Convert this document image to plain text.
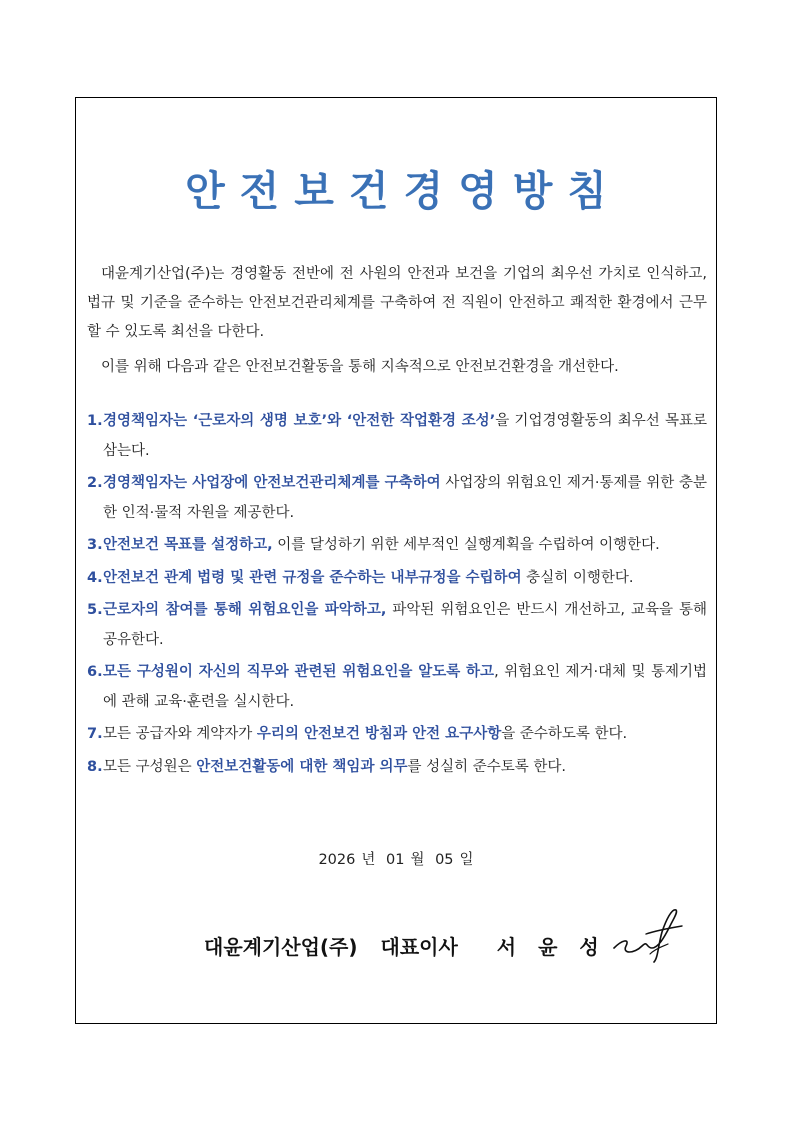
안전보건경영방침

대윤계기산업(주)는 경영활동 전반에 전 사원의 안전과 보건을 기업의 최우선 가치로 인식하고, 법규 및 기준을 준수하는 안전보건관리체계를 구축하여 전 직원이 안전하고 쾌적한 환경에서 근무할 수 있도록 최선을 다한다.

이를 위해 다음과 같은 안전보건활동을 통해 지속적으로 안전보건환경을 개선한다.

1. 경영책임자는 ‘근로자의 생명 보호’와 ‘안전한 작업환경 조성’을 기업경영활동의 최우선 목표로 삼는다.
2. 경영책임자는 사업장에 안전보건관리체계를 구축하여 사업장의 위험요인 제거·통제를 위한 충분한 인적·물적 자원을 제공한다.
3. 안전보건 목표를 설정하고, 이를 달성하기 위한 세부적인 실행계획을 수립하여 이행한다.
4. 안전보건 관계 법령 및 관련 규정을 준수하는 내부규정을 수립하여 충실히 이행한다.
5. 근로자의 참여를 통해 위험요인을 파악하고, 파악된 위험요인은 반드시 개선하고, 교육을 통해 공유한다.
6. 모든 구성원이 자신의 직무와 관련된 위험요인을 알도록 하고, 위험요인 제거·대체 및 통제기법에 관해 교육·훈련을 실시한다.
7. 모든 공급자와 계약자가 우리의 안전보건 방침과 안전 요구사항을 준수하도록 한다.
8. 모든 구성원은 안전보건활동에 대한 책임과 의무를 성실히 준수토록 한다.
2026 년 01 월 05 일
대윤계기산업(주) 대표이사 서윤성
